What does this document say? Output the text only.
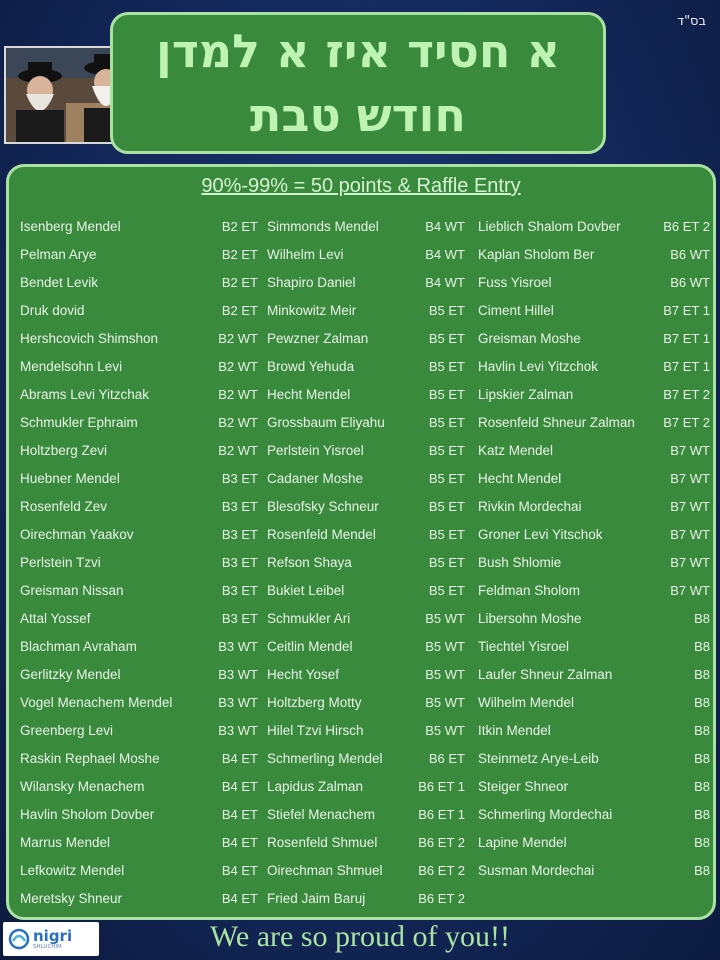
בס"ד
א חסיד איז א למדן
חודש טבת
90%-99% = 50 points & Raffle Entry
Isenberg Mendel	B2 ET
Pelman Arye	B2 ET
Bendet Levik	B2 ET
Druk dovid	B2 ET
Hershcovich Shimshon	B2 WT
Mendelsohn Levi	B2 WT
Abrams Levi Yitzchak	B2 WT
Schmukler Ephraim	B2 WT
Holtzberg Zevi	B2 WT
Huebner Mendel	B3 ET
Rosenfeld Zev	B3 ET
Oirechman Yaakov	B3 ET
Perlstein Tzvi	B3 ET
Greisman Nissan	B3 ET
Attal Yossef	B3 ET
Blachman Avraham	B3 WT
Gerlitzky Mendel	B3 WT
Vogel Menachem Mendel	B3 WT
Greenberg Levi	B3 WT
Raskin Rephael Moshe	B4 ET
Wilansky Menachem	B4 ET
Havlin Sholom Dovber	B4 ET
Marrus Mendel	B4 ET
Lefkowitz Mendel	B4 ET
Meretsky Shneur	B4 ET
Simmonds Mendel	B4 WT
Wilhelm Levi	B4 WT
Shapiro Daniel	B4 WT
Minkowitz Meir	B5 ET
Pewzner Zalman	B5 ET
Browd Yehuda	B5 ET
Hecht Mendel	B5 ET
Grossbaum Eliyahu	B5 ET
Perlstein Yisroel	B5 ET
Cadaner Moshe	B5 ET
Blesofsky Schneur	B5 ET
Rosenfeld Mendel	B5 ET
Refson Shaya	B5 ET
Bukiet Leibel	B5 ET
Schmukler Ari	B5 WT
Ceitlin Mendel	B5 WT
Hecht Yosef	B5 WT
Holtzberg Motty	B5 WT
Hilel Tzvi Hirsch	B5 WT
Schmerling Mendel	B6 ET
Lapidus Zalman	B6 ET 1
Stiefel Menachem	B6 ET 1
Rosenfeld Shmuel	B6 ET 2
Oirechman Shmuel	B6 ET 2
Fried Jaim Baruj	B6 ET 2
Lieblich Shalom Dovber	B6 ET 2
Kaplan Sholom Ber	B6 WT
Fuss Yisroel	B6 WT
Ciment Hillel	B7 ET 1
Greisman Moshe	B7 ET 1
Havlin Levi Yitzchok	B7 ET 1
Lipskier Zalman	B7 ET 2
Rosenfeld Shneur Zalman	B7 ET 2
Katz Mendel	B7 WT
Hecht Mendel	B7 WT
Rivkin Mordechai	B7 WT
Groner Levi Yitschok	B7 WT
Bush Shlomie	B7 WT
Feldman Sholom	B7 WT
Libersohn Moshe	B8
Tiechtel Yisroel	B8
Laufer Shneur Zalman	B8
Wilhelm Mendel	B8
Itkin Mendel	B8
Steinmetz Arye-Leib	B8
Steiger Shneor	B8
Schmerling Mordechai	B8
Lapine Mendel	B8
Susman Mordechai	B8
nigri
SHLUCHIM	We are so proud of you!!
